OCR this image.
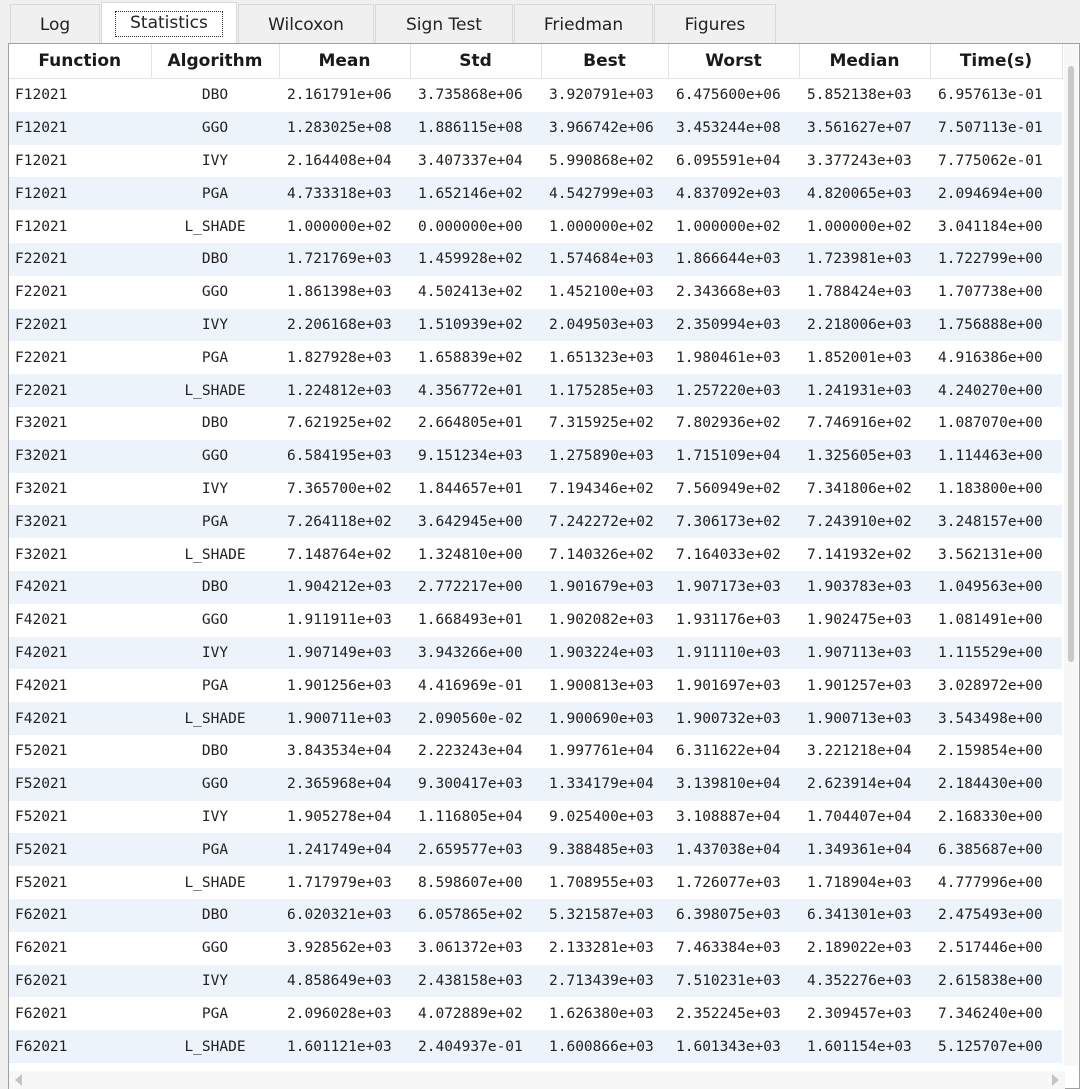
Log	Statistics	Wilcoxon	Sign Test	Friedman	Figures
Function	Algorithm	Mean	Std	Best	Worst	Median	Time(s)
F12021	DBO	2.161791e+06	3.735868e+06	3.920791e+03	6.475600e+06	5.852138e+03	6.957613e-01
F12021	GGO	1.283025e+08	1.886115e+08	3.966742e+06	3.453244e+08	3.561627e+07	7.507113e-01
F12021	IVY	2.164408e+04	3.407337e+04	5.990868e+02	6.095591e+04	3.377243e+03	7.775062e-01
F12021	PGA	4.733318e+03	1.652146e+02	4.542799e+03	4.837092e+03	4.820065e+03	2.094694e+00
F12021	L_SHADE	1.000000e+02	0.000000e+00	1.000000e+02	1.000000e+02	1.000000e+02	3.041184e+00
F22021	DBO	1.721769e+03	1.459928e+02	1.574684e+03	1.866644e+03	1.723981e+03	1.722799e+00
F22021	GGO	1.861398e+03	4.502413e+02	1.452100e+03	2.343668e+03	1.788424e+03	1.707738e+00
F22021	IVY	2.206168e+03	1.510939e+02	2.049503e+03	2.350994e+03	2.218006e+03	1.756888e+00
F22021	PGA	1.827928e+03	1.658839e+02	1.651323e+03	1.980461e+03	1.852001e+03	4.916386e+00
F22021	L_SHADE	1.224812e+03	4.356772e+01	1.175285e+03	1.257220e+03	1.241931e+03	4.240270e+00
F32021	DBO	7.621925e+02	2.664805e+01	7.315925e+02	7.802936e+02	7.746916e+02	1.087070e+00
F32021	GGO	6.584195e+03	9.151234e+03	1.275890e+03	1.715109e+04	1.325605e+03	1.114463e+00
F32021	IVY	7.365700e+02	1.844657e+01	7.194346e+02	7.560949e+02	7.341806e+02	1.183800e+00
F32021	PGA	7.264118e+02	3.642945e+00	7.242272e+02	7.306173e+02	7.243910e+02	3.248157e+00
F32021	L_SHADE	7.148764e+02	1.324810e+00	7.140326e+02	7.164033e+02	7.141932e+02	3.562131e+00
F42021	DBO	1.904212e+03	2.772217e+00	1.901679e+03	1.907173e+03	1.903783e+03	1.049563e+00
F42021	GGO	1.911911e+03	1.668493e+01	1.902082e+03	1.931176e+03	1.902475e+03	1.081491e+00
F42021	IVY	1.907149e+03	3.943266e+00	1.903224e+03	1.911110e+03	1.907113e+03	1.115529e+00
F42021	PGA	1.901256e+03	4.416969e-01	1.900813e+03	1.901697e+03	1.901257e+03	3.028972e+00
F42021	L_SHADE	1.900711e+03	2.090560e-02	1.900690e+03	1.900732e+03	1.900713e+03	3.543498e+00
F52021	DBO	3.843534e+04	2.223243e+04	1.997761e+04	6.311622e+04	3.221218e+04	2.159854e+00
F52021	GGO	2.365968e+04	9.300417e+03	1.334179e+04	3.139810e+04	2.623914e+04	2.184430e+00
F52021	IVY	1.905278e+04	1.116805e+04	9.025400e+03	3.108887e+04	1.704407e+04	2.168330e+00
F52021	PGA	1.241749e+04	2.659577e+03	9.388485e+03	1.437038e+04	1.349361e+04	6.385687e+00
F52021	L_SHADE	1.717979e+03	8.598607e+00	1.708955e+03	1.726077e+03	1.718904e+03	4.777996e+00
F62021	DBO	6.020321e+03	6.057865e+02	5.321587e+03	6.398075e+03	6.341301e+03	2.475493e+00
F62021	GGO	3.928562e+03	3.061372e+03	2.133281e+03	7.463384e+03	2.189022e+03	2.517446e+00
F62021	IVY	4.858649e+03	2.438158e+03	2.713439e+03	7.510231e+03	4.352276e+03	2.615838e+00
F62021	PGA	2.096028e+03	4.072889e+02	1.626380e+03	2.352245e+03	2.309457e+03	7.346240e+00
F62021	L_SHADE	1.601121e+03	2.404937e-01	1.600866e+03	1.601343e+03	1.601154e+03	5.125707e+00
